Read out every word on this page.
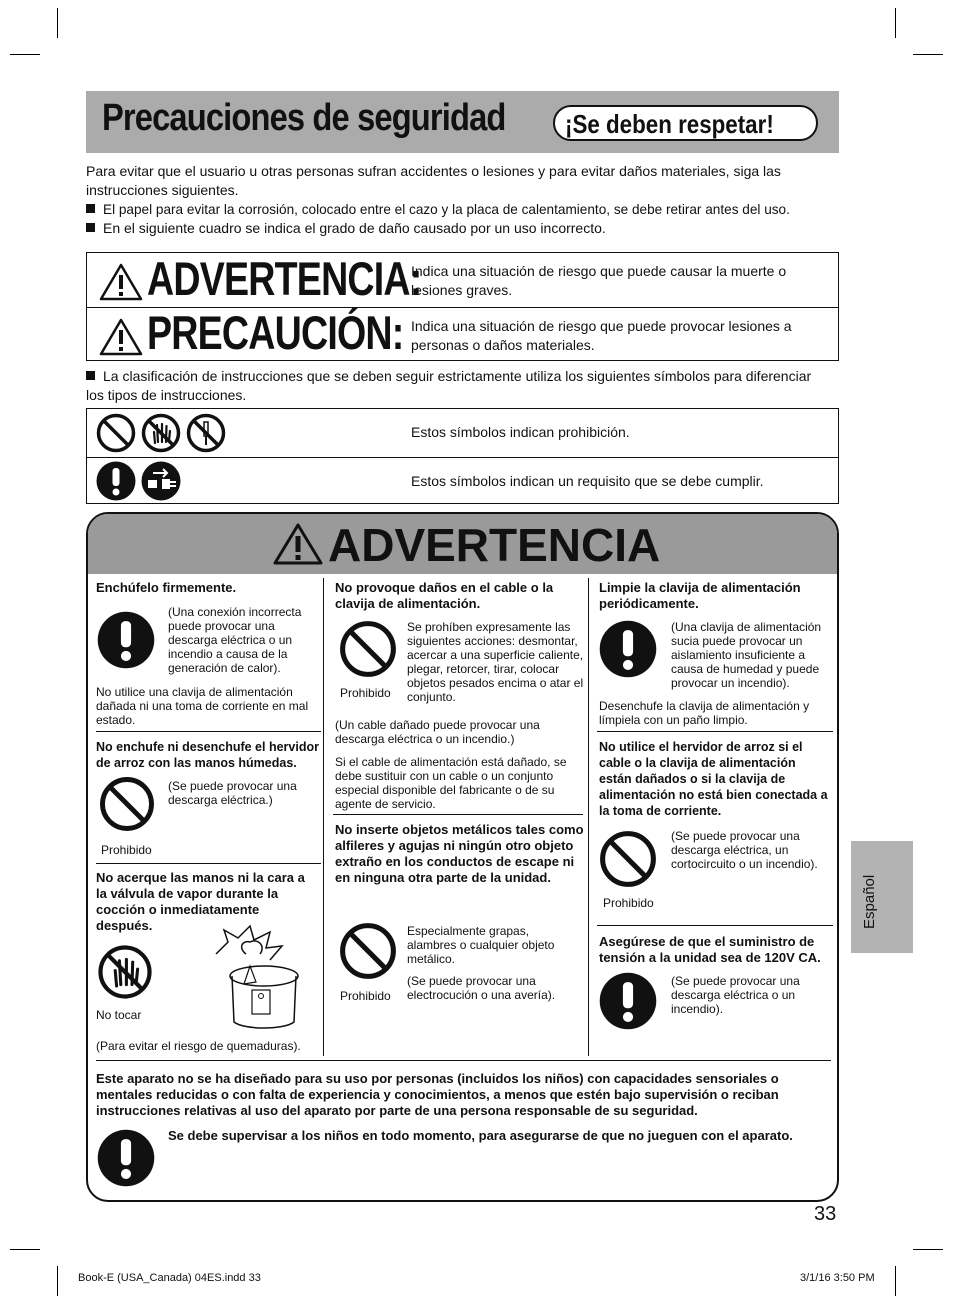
Precauciones de seguridad ¡Se deben respetar!
Para evitar que el usuario u otras personas sufran accidentes o lesiones y para evitar daños materiales, siga las instrucciones siguientes.
El papel para evitar la corrosión, colocado entre el cazo y la placa de calentamiento, se debe retirar antes del uso.
En el siguiente cuadro se indica el grado de daño causado por un uso incorrecto.
ADVERTENCIA:
Indica una situación de riesgo que puede causar la muerte o lesiones graves.
PRECAUCIÓN: Indica una situación de riesgo que puede provocar lesiones a personas o daños materiales.
La clasificación de instrucciones que se deben seguir estrictamente utiliza los siguientes símbolos para diferenciar los tipos de instrucciones.
Estos símbolos indican prohibición.
Estos símbolos indican un requisito que se debe cumplir.
ADVERTENCIA
Enchúfelo firmemente.
(Una conexión incorrecta puede provocar una descarga eléctrica o un incendio a causa de la generación de calor).
No utilice una clavija de alimentación dañada ni una toma de corriente en mal estado.
No enchufe ni desenchufe el hervidor de arroz con las manos húmedas.
(Se puede provocar una descarga eléctrica.)
Prohibido
No acerque las manos ni la cara a la válvula de vapor durante la cocción o inmediatamente después.
No tocar
(Para evitar el riesgo de quemaduras).
No provoque daños en el cable o la clavija de alimentación.
Se prohíben expresamente las siguientes acciones: desmontar, acercar a una superficie caliente, plegar, retorcer, tirar, colocar objetos pesados encima o atar el conjunto.
Prohibido
(Un cable dañado puede provocar una descarga eléctrica o un incendio.)
Si el cable de alimentación está dañado, se debe sustituir con un cable o un conjunto especial disponible del fabricante o de su agente de servicio.
No inserte objetos metálicos tales como alfileres y agujas ni ningún otro objeto extraño en los conductos de escape ni en ninguna otra parte de la unidad.
Especialmente grapas, alambres o cualquier objeto metálico.
(Se puede provocar una electrocución o una avería).
Prohibido
Limpie la clavija de alimentación periódicamente.
(Una clavija de alimentación sucia puede provocar un aislamiento insuficiente a causa de humedad y puede provocar un incendio).
Desenchufe la clavija de alimentación y límpiela con un paño limpio.
No utilice el hervidor de arroz si el cable o la clavija de alimentación están dañados o si la clavija de alimentación no está bien conectada a la toma de corriente.
(Se puede provocar una descarga eléctrica, un cortocircuito o un incendio).
Prohibido
Asegúrese de que el suministro de tensión a la unidad sea de 120V CA.
(Se puede provocar una descarga eléctrica o un incendio).
Este aparato no se ha diseñado para su uso por personas (incluidos los niños) con capacidades sensoriales o mentales reducidas o con falta de experiencia y conocimientos, a menos que estén bajo supervisión o reciban instrucciones relativas al uso del aparato por parte de una persona responsable de su seguridad.
Se debe supervisar a los niños en todo momento, para asegurarse de que no jueguen con el aparato.
Español
33
Book-E (USA_Canada) 04ES.indd 33	3/1/16 3:50 PM
